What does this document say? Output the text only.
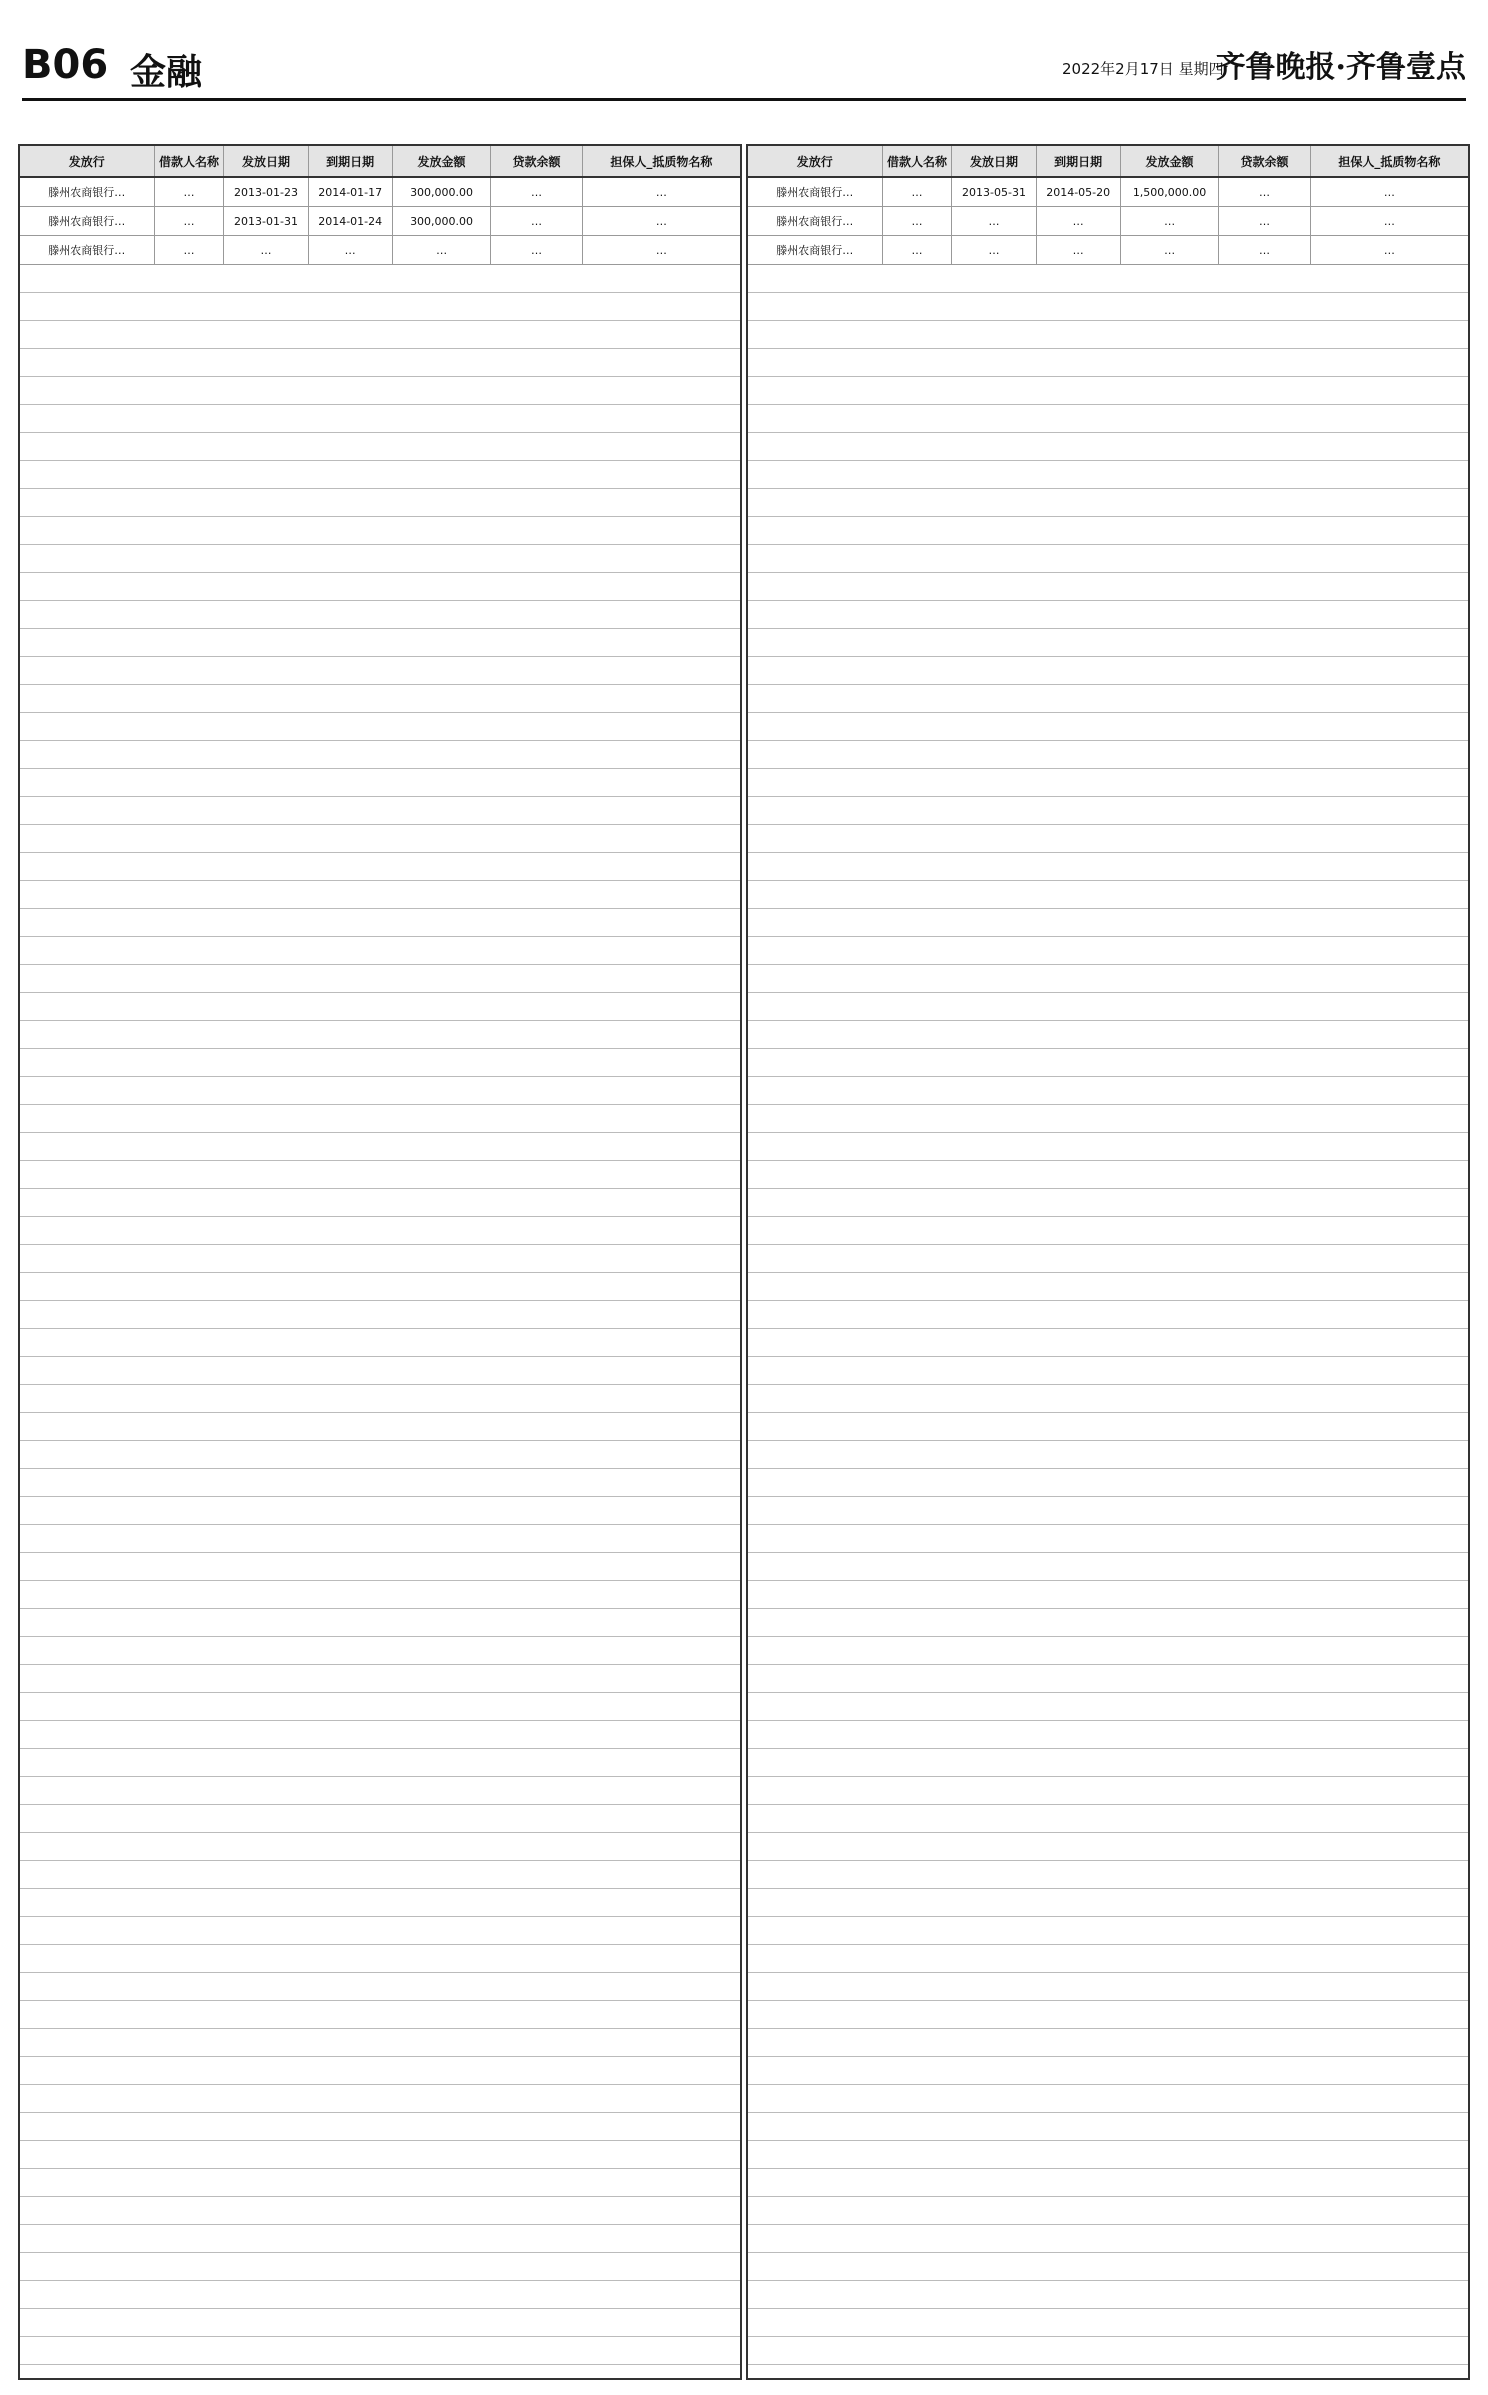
B06 金融	2022年2月17日 星期四
齐鲁晚报·齐鲁壹点
发放行	借款人名称	发放日期	到期日期	发放金额	贷款余额	担保人_抵质物名称
滕州农商银行…	…	2013-01-23	2014-01-17	300,000.00	…	…
滕州农商银行…	…	2013-01-31	2014-01-24	300,000.00	…	…
滕州农商银行…	…	…	…	…	…	…
发放行	借款人名称	发放日期	到期日期	发放金额	贷款余额	担保人_抵质物名称
滕州农商银行…	…	2013-05-31	2014-05-20	1,500,000.00	…	…
滕州农商银行…	…	…	…	…	…	…
滕州农商银行…	…	…	…	…	…	…
